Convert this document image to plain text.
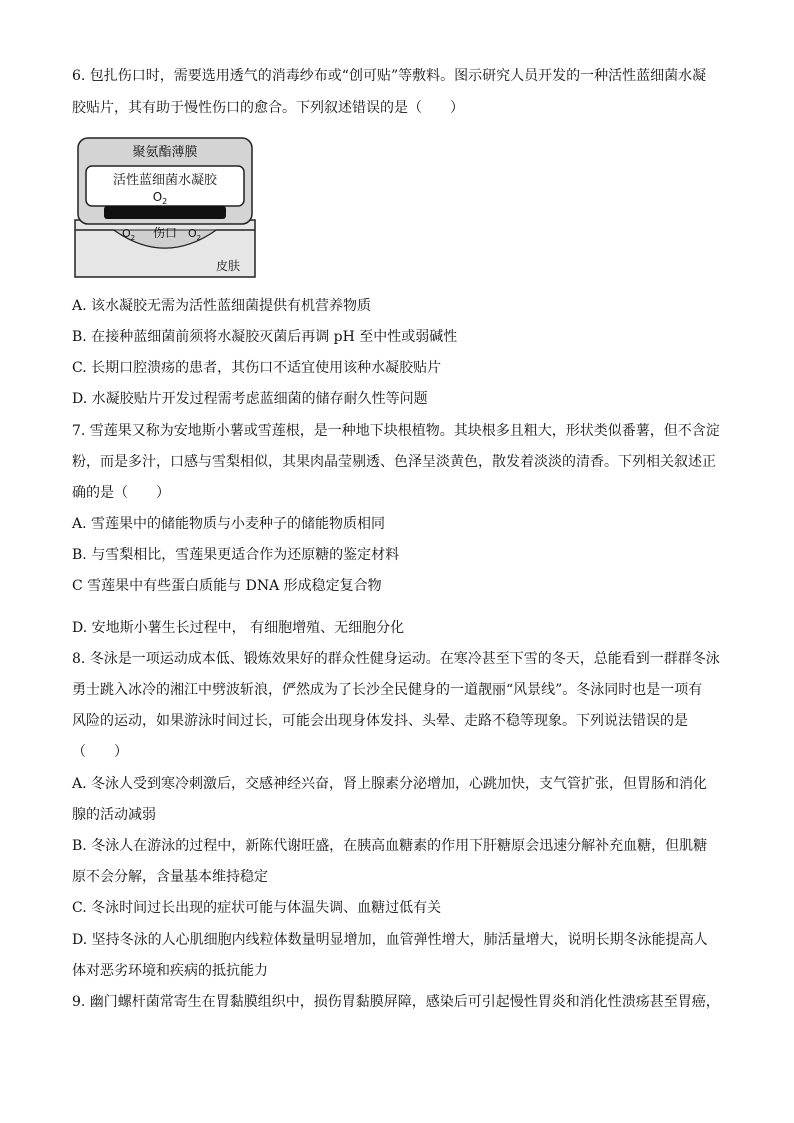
6. 包扎伤口时，需要选用透气的消毒纱布或“创可贴”等敷料。图示研究人员开发的一种活性蓝细菌水凝
胶贴片，其有助于慢性伤口的愈合。下列叙述错误的是（　　）
聚氨酯薄膜
活性蓝细菌水凝胶
$O_2$
$O_2$ 伤口 $O_2$
皮肤
A. 该水凝胶无需为活性蓝细菌提供有机营养物质
B. 在接种蓝细菌前须将水凝胶灭菌后再调 pH 至中性或弱碱性
C. 长期口腔溃疡的患者，其伤口不适宜使用该种水凝胶贴片
D. 水凝胶贴片开发过程需考虑蓝细菌的储存耐久性等问题
7. 雪莲果又称为安地斯小薯或雪莲根，是一种地下块根植物。其块根多且粗大，形状类似番薯，但不含淀
粉，而是多汁，口感与雪梨相似，其果肉晶莹剔透、色泽呈淡黄色，散发着淡淡的清香。下列相关叙述正
确的是（　　）
A. 雪莲果中的储能物质与小麦种子的储能物质相同
B. 与雪梨相比，雪莲果更适合作为还原糖的鉴定材料
C 雪莲果中有些蛋白质能与 DNA 形成稳定复合物
D. 安地斯小薯生长过程中， 有细胞增殖、无细胞分化
8. 冬泳是一项运动成本低、锻炼效果好的群众性健身运动。在寒冷甚至下雪的冬天，总能看到一群群冬泳
勇士跳入冰冷的湘江中劈波斩浪，俨然成为了长沙全民健身的一道靓丽“风景线”。冬泳同时也是一项有
风险的运动，如果游泳时间过长，可能会出现身体发抖、头晕、走路不稳等现象。下列说法错误的是
（　　）
A. 冬泳人受到寒冷刺激后，交感神经兴奋，肾上腺素分泌增加，心跳加快，支气管扩张，但胃肠和消化
腺的活动减弱
B. 冬泳人在游泳的过程中，新陈代谢旺盛，在胰高血糖素的作用下肝糖原会迅速分解补充血糖，但肌糖
原不会分解，含量基本维持稳定
C. 冬泳时间过长出现的症状可能与体温失调、血糖过低有关
D. 坚持冬泳的人心肌细胞内线粒体数量明显增加，血管弹性增大，肺活量增大，说明长期冬泳能提高人
体对恶劣环境和疾病的抵抗能力
9. 幽门螺杆菌常寄生在胃黏膜组织中，损伤胃黏膜屏障，感染后可引起慢性胃炎和消化性溃疡甚至胃癌，
